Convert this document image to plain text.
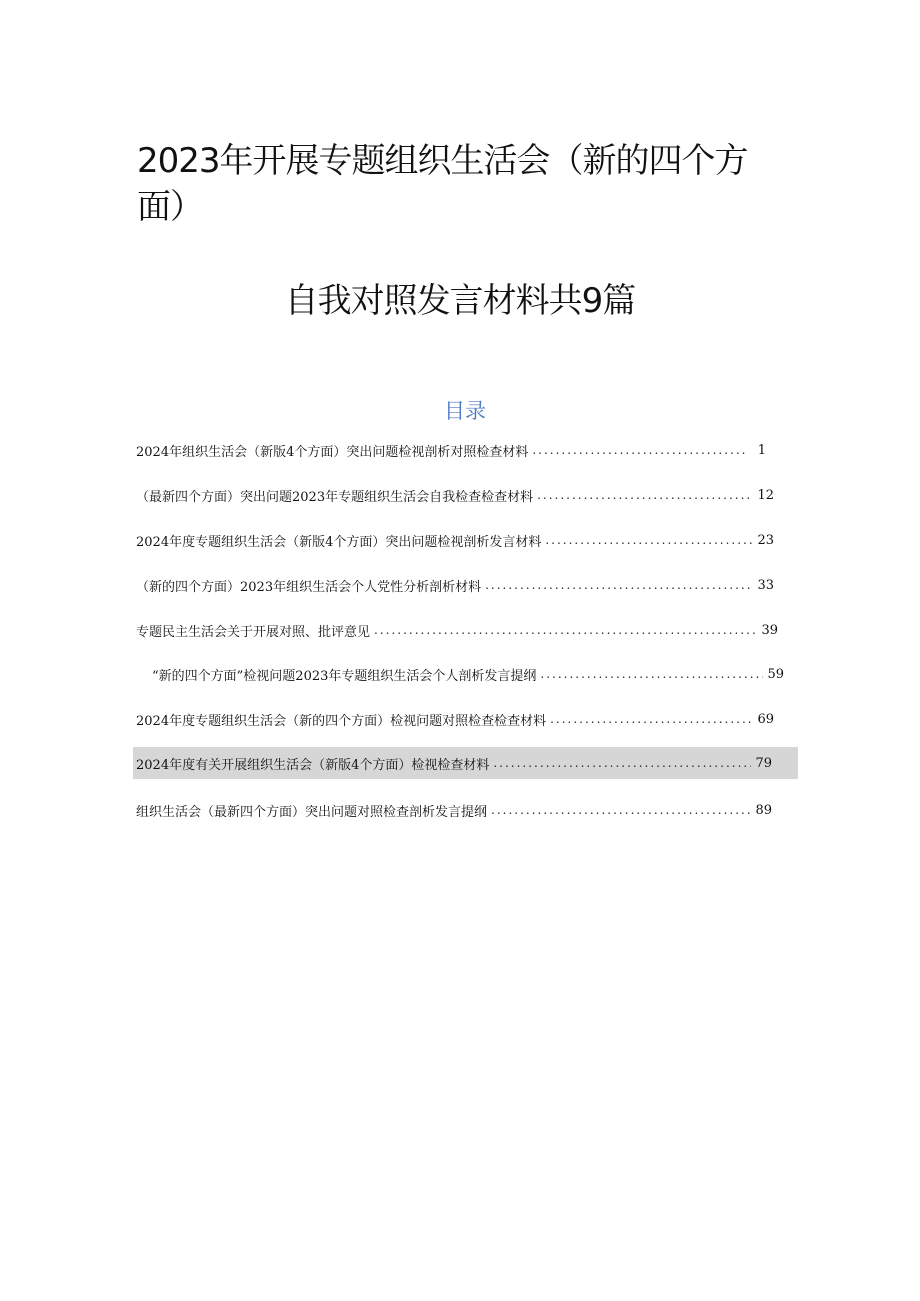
2023年开展专题组织生活会（新的四个方
面）
自我对照发言材料共9篇
目录
2024年组织生活会（新版4个方面）突出问题检视剖析对照检查材料 .....	1
（最新四个方面）突出问题2023年专题组织生活会自我检查检查材料 .....	12
2024年度专题组织生活会（新版4个方面）突出问题检视剖析发言材料 .....	23
（新的四个方面）2023年组织生活会个人党性分析剖析材料 .....	33
专题民主生活会关于开展对照、批评意见 .....	39
“新的四个方面”检视问题2023年专题组织生活会个人剖析发言提纲 .....	59
2024年度专题组织生活会（新的四个方面）检视问题对照检查检查材料 .....	69
2024年度有关开展组织生活会（新版4个方面）检视检查材料 .....	79
组织生活会（最新四个方面）突出问题对照检查剖析发言提纲 .....	89
